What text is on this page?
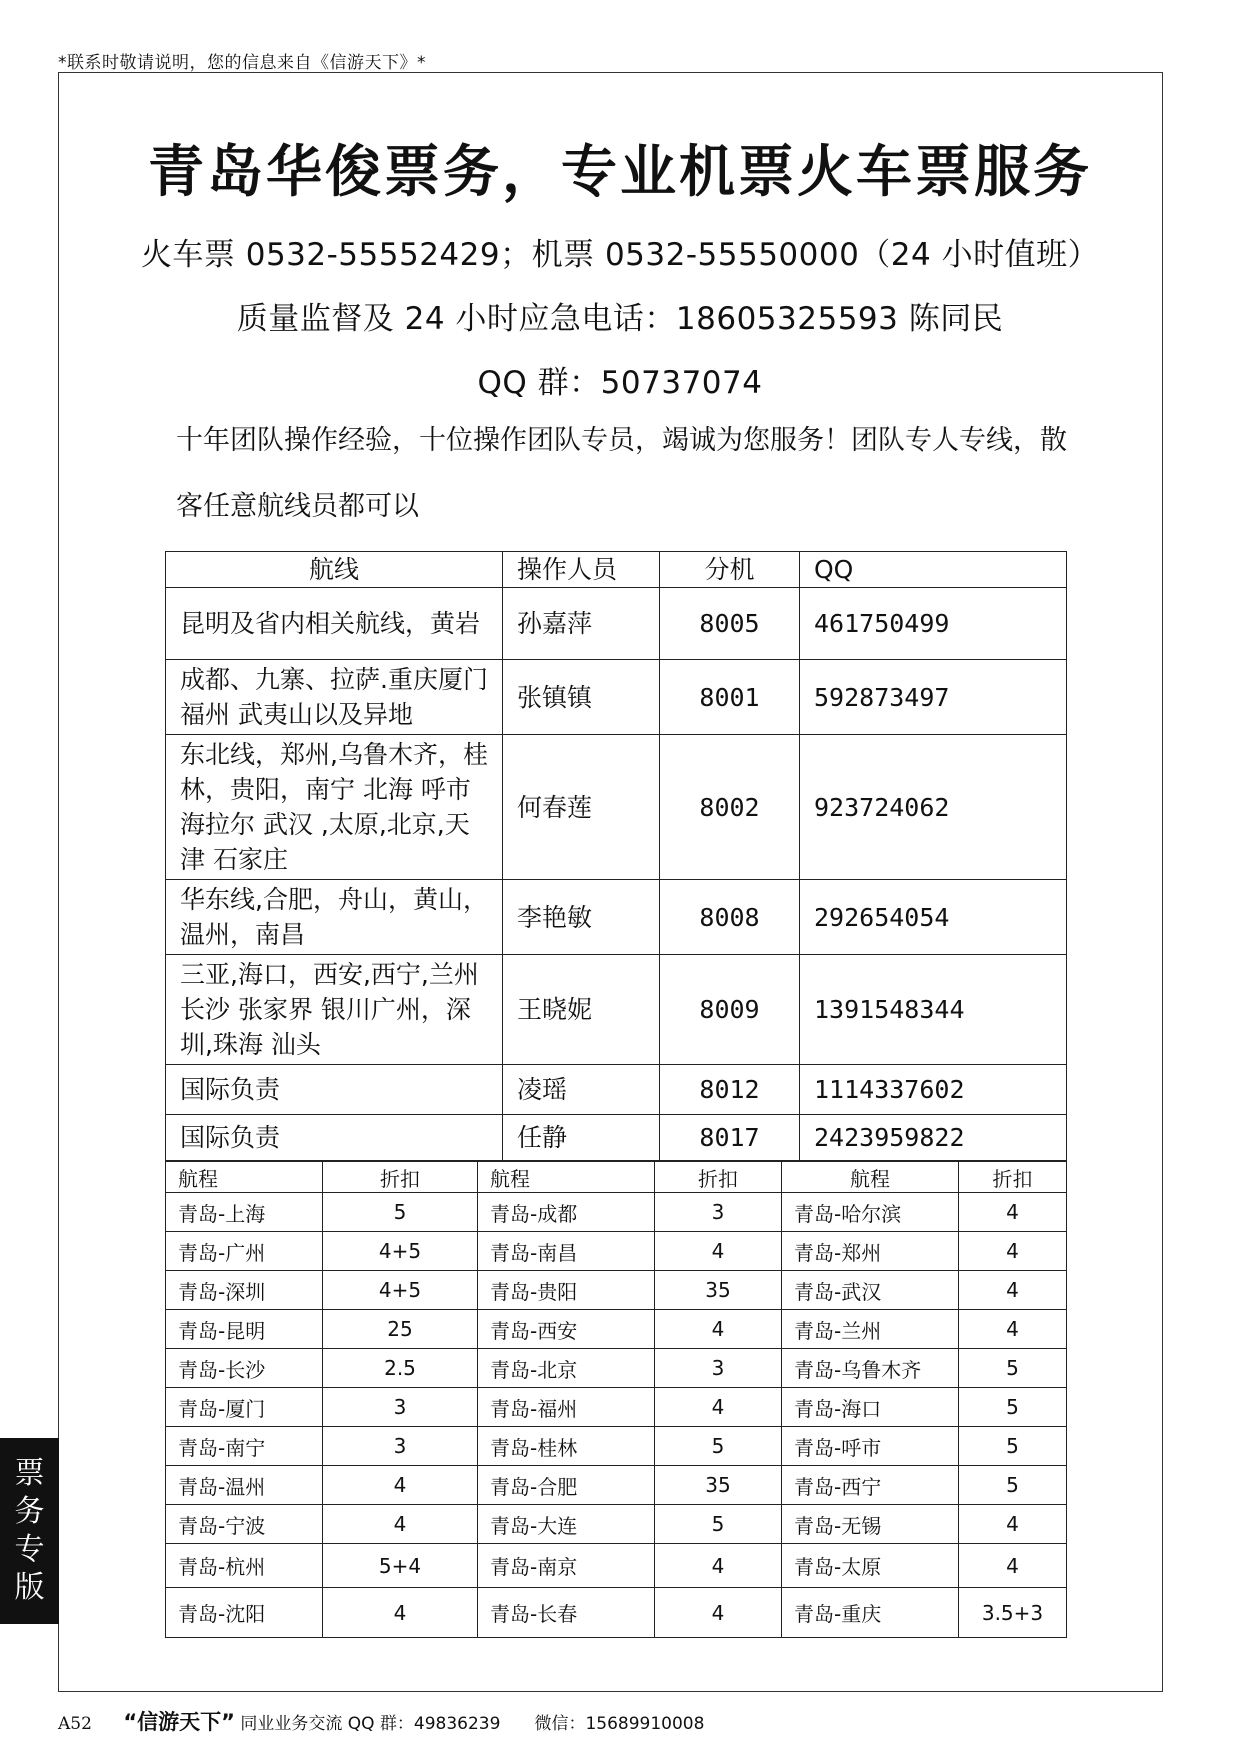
*联系时敬请说明，您的信息来自《信游天下》*
青岛华俊票务，专业机票火车票服务
火车票 0532-55552429；机票 0532-55550000（24 小时值班）
质量监督及 24 小时应急电话：18605325593 陈同民
QQ 群：50737074
十年团队操作经验，十位操作团队专员，竭诚为您服务！团队专人专线，散
客任意航线员都可以
航线	操作人员	分机	QQ
昆明及省内相关航线，黄岩	孙嘉萍	8005	461750499
成都、九寨、拉萨.重庆厦门 福州 武夷山以及异地	张镇镇	8001	592873497
东北线，郑州,乌鲁木齐，桂林，贵阳，南宁 北海 呼市 海拉尔 武汉 ,太原,北京,天津 石家庄	何春莲	8002	923724062
华东线,合肥，舟山，黄山，温州，南昌	李艳敏	8008	292654054
三亚,海口，西安,西宁,兰州 长沙 张家界 银川广州，深圳,珠海 汕头	王晓妮	8009	1391548344
国际负责	凌瑶	8012	1114337602
国际负责	任静	8017	2423959822
航程	折扣	航程	折扣	航程	折扣
青岛-上海	5	青岛-成都	3	青岛-哈尔滨	4
青岛-广州	4+5	青岛-南昌	4	青岛-郑州	4
青岛-深圳	4+5	青岛-贵阳	35	青岛-武汉	4
青岛-昆明	25	青岛-西安	4	青岛-兰州	4
青岛-长沙	2.5	青岛-北京	3	青岛-乌鲁木齐	5
青岛-厦门	3	青岛-福州	4	青岛-海口	5
青岛-南宁	3	青岛-桂林	5	青岛-呼市	5
青岛-温州	4	青岛-合肥	35	青岛-西宁	5
青岛-宁波	4	青岛-大连	5	青岛-无锡	4
青岛-杭州	5+4	青岛-南京	4	青岛-太原	4
青岛-沈阳	4	青岛-长春	4	青岛-重庆	3.5+3
票
务
专
版
A52 “信游天下” 同业业务交流 QQ 群：49836239　　微信：15689910008
